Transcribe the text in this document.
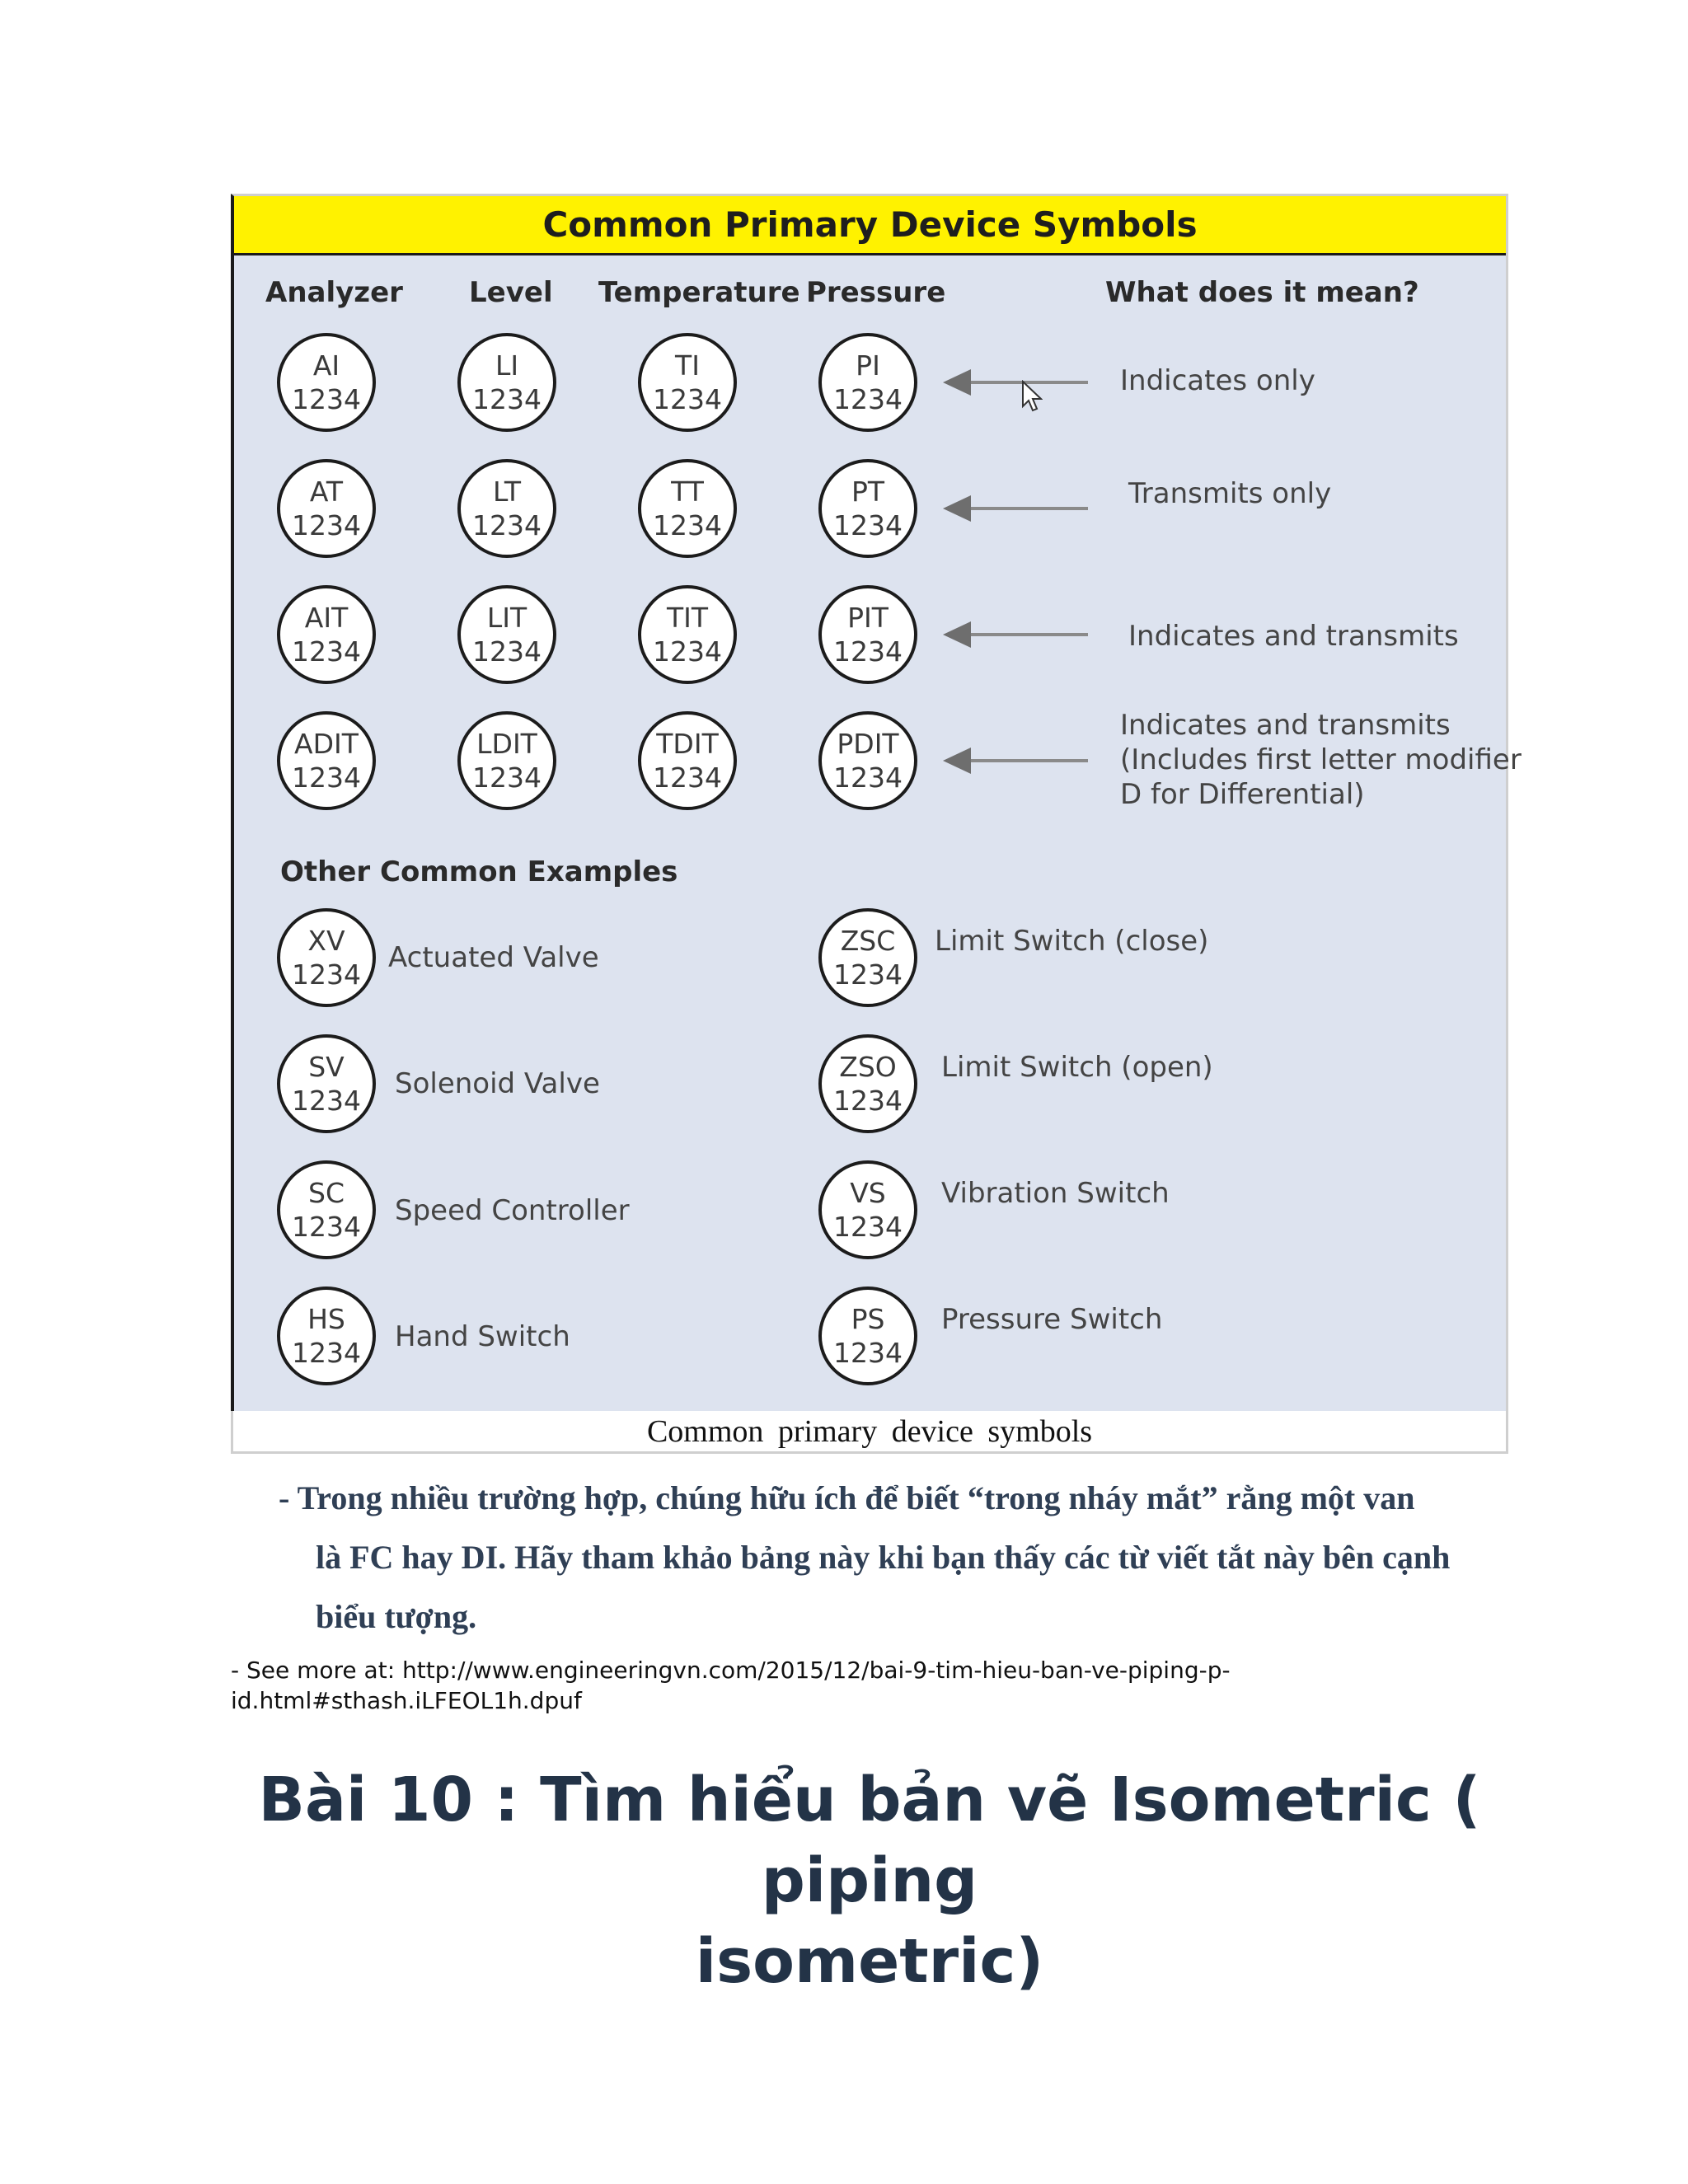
Common Primary Device Symbols
Analyzer Level Temperature Pressure	What does it mean?
AI
1234
LI
1234
TI
1234
PI
1234
Indicates only
AT
1234
LT
1234
TT
1234
PT
1234
Transmits only
AIT
1234
LIT
1234
TIT
1234
PIT
1234	Indicates and transmits
ADIT
1234
LDIT
1234
TDIT
1234
PDIT
1234
Indicates and transmits
(Includes first letter modifier
D for Differential)
Other Common Examples
XV
1234
Actuated Valve
SV
1234
Solenoid Valve
SC
1234 Speed Controller
HS
1234 Hand Switch
ZSC
1234
Limit Switch (close)
ZSO
1234
Limit Switch (open)
VS
1234
Vibration Switch
PS
1234
Pressure Switch
Common primary device symbols
- Trong nhiều trường hợp, chúng hữu ích để biết “trong nháy mắt” rằng một van
là FC hay DI. Hãy tham khảo bảng này khi bạn thấy các từ viết tắt này bên cạnh
biểu tượng.
- See more at: http://www.engineeringvn.com/2015/12/bai-9-tim-hieu-ban-ve-piping-p-
id.html#sthash.iLFEOL1h.dpuf
Bài 10 : Tìm hiểu bản vẽ Isometric ( piping
isometric)
